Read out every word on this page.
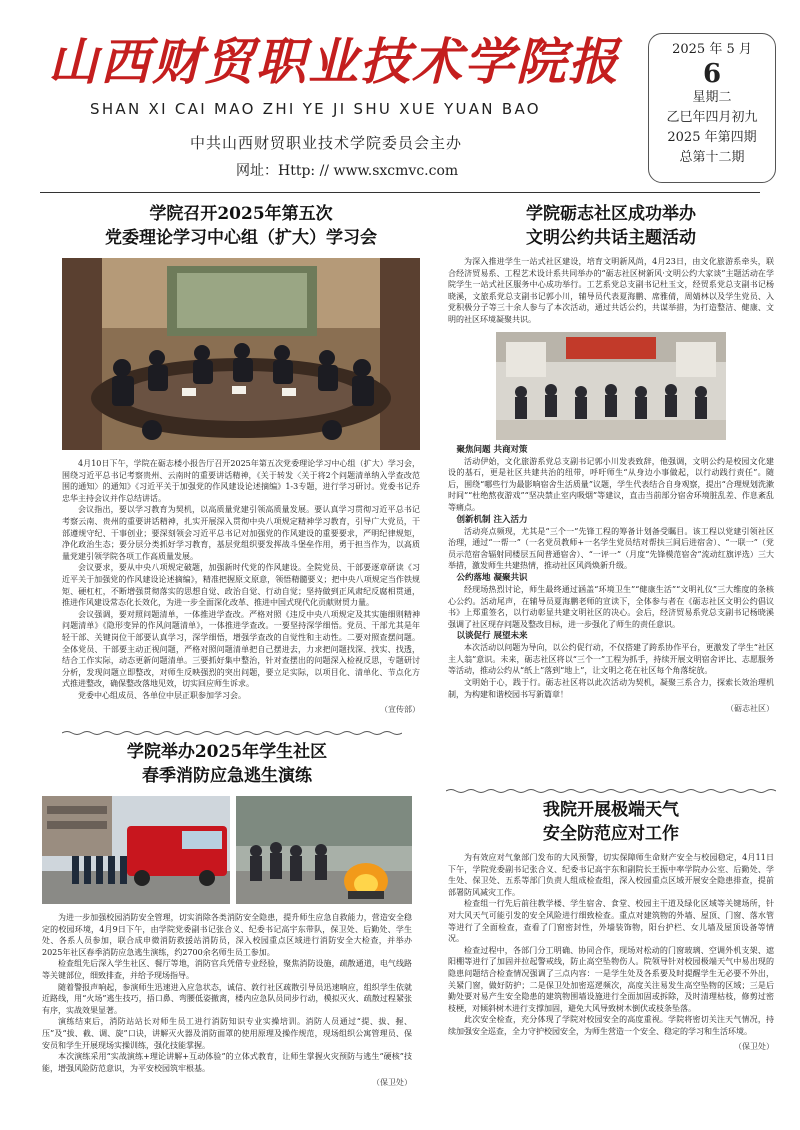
山西财贸职业技术学院报
SHAN XI CAI MAO ZHI YE JI SHU XUE YUAN BAO
中共山西财贸职业技术学院委员会主办
网址：Http: // www.sxcmvc.com
2025 年 5 月
6
星期二
乙巳年四月初九
2025 年第四期
总第十二期
学院召开2025年第五次
党委理论学习中心组（扩大）学习会

4月10日下午，学院在砺志楼小报告厅召开2025年第五次党委理论学习中心组（扩大）学习会，围绕习近平总书记考察贵州、云南时的重要讲话精神，《关于转发〈关于将2个问题清单纳入学查改范围的通知〉的通知》《习近平关于加强党的作风建设论述摘编》1-3专题，进行学习研讨。党委书记乔忠华主持会议并作总结讲话。

会议指出，要以学习教育为契机，以高质量党建引领高质量发展。要认真学习贯彻习近平总书记考察云南、贵州的重要讲话精神，扎实开展深入贯彻中央八项规定精神学习教育，引导广大党员，干部遵规守纪、干事创业；要深刻领会习近平总书记对加强党的作风建设的重要要求，严明纪律规矩，净化政治生态；要分层分类抓好学习教育，基层党组织要发挥战斗堡垒作用，勇于担当作为，以高质量党建引领学院各项工作高质量发展。

会议要求，要从中央八项规定破题，加强新时代党的作风建设。全院党员、干部要逐章研读《习近平关于加强党的作风建设论述摘编》，精准把握原文原意，领悟精髓要义；把中央八项规定当作铁规矩、硬杠杠，不断增强贯彻落实的思想自觉、政治自觉、行动自觉；坚持做到正风肃纪反腐相贯通，推进作风建设常态化长效化，为进一步全面深化改革、推进中国式现代化贡献财贸力量。

会议强调，要对照问题清单，一体推进学查改。严格对照《违反中央八项规定及其实施细则精神问题清单》《隐形变异的作风问题清单》，一体推进学查改。一要坚持深学细悟。党员、干部尤其是年轻干部、关键岗位干部要认真学习，深学细悟，增强学查改的自觉性和主动性。二要对照查摆问题。全体党员、干部要主动正视问题，严格对照问题清单把自己摆进去，力求把问题找深、找实、找透，结合工作实际，动态更新问题清单。三要抓好集中整治，针对查摆出的问题深入检视反思，专题研讨分析，发现问题立即整改，对师生反映强烈的突出问题，要立足实际，以项目化、清单化、节点化方式推进整改，确保整改落地见效，切实回应师生诉求。

党委中心组成员、各单位中层正职参加学习会。

（宣传部）
学院举办2025年学生社区
春季消防应急逃生演练

为进一步加强校园消防安全管理，切实消除各类消防安全隐患，提升师生应急自救能力，营造安全稳定的校园环境，4月9日下午，由学院党委副书记张合义、纪委书记高宇东带队，保卫处、后勤处、学生处、各系人员参加，联合成申微消防救援站消防员，深入校园重点区域进行消防安全大检查，并举办2025年社区春季消防应急逃生演练，约2700余名师生员工参加。

检查组先后深入学生社区、餐厅等地，消防官兵凭借专业经验，聚焦消防设施，疏散通道，电气线路等关键部位，细致排查，并给予现场指导。

随着警报声响起，参演师生迅速进入应急状态，诚信、敦行社区疏散引导员迅速响应，组织学生依就近路线，用“火场”逃生技巧，捂口鼻、弯腰低姿撤离，楼内应急队员同步行动，模拟灭火、疏散过程紧张有序，实战效果显著。

演练结束后，消防站站长对师生员工进行消防知识专业实操培训。消防人员通过“提、拔、握、压”及“拔、截、调、旋”口诀，讲解灭火器及消防面罩的使用原理及操作规范，现场组织公寓管理员、保安员和学生开展现场实操训练，强化技能掌握。

本次演练采用“实战演练+理论讲解+互动体验”的立体式教育，让师生掌握火灾预防与逃生“硬核”技能，增强风险防范意识，为平安校园筑牢根基。

（保卫处）
学院砺志社区成功举办
文明公约共话主题活动

为深入推进学生一站式社区建设，培育文明新风尚，4月23日，由文化旅游系牵头，联合经济贸易系、工程艺术设计系共同举办的“砺志社区树新风·文明公约大家谈”主题活动在学院学生一站式社区服务中心成功举行。工艺系党总支副书记杜玉文，经贸系党总支副书记杨晓溪，文旅系党总支副书记郭小川，辅导员代表夏海鹏、席雅倩，周婧林以及学生党员、入党积极分子等三十余人参与了本次活动，通过共话公约，共谋举措，为打造整洁、健康、文明的社区环境凝聚共识。

聚焦问题 共商对策

活动伊始，文化旅游系党总支副书记郭小川发表致辞，他强调，文明公约是校园文化建设的基石，更是社区共建共治的纽带，呼吁师生“从身边小事做起，以行动践行责任”。随后，围绕“哪些行为最影响宿舍生活质量”议题，学生代表结合自身观察，提出“合理规划洗漱时间”“杜绝熬夜游戏”“坚决禁止室内吸烟”等建议，直击当前部分宿舍环境脏乱差、作息紊乱等痛点。

创新机制 注入活力

活动亮点频现，尤其是“三个一”先锋工程的筹备计划备受瞩目。该工程以党建引领社区治理，通过“一帮一”（一名党员教师+一名学生党员结对帮扶三间后进宿舍）、“一联一”（党员示范宿舍辐射同楼层五间普通宿舍）、“一评一”（月度“先锋模范宿舍”流动红旗评选）三大举措，激发师生共建热情，推动社区风尚焕新升级。

公约落地 凝聚共识

经现场热烈讨论，师生最终通过涵盖“环境卫生”“健康生活”“文明礼仪”三大维度的条核心公约。活动尾声，在辅导员夏海鹏老师的宣读下，全体参与者在《砺志社区文明公约倡议书》上郑重签名，以行动彰显共建文明社区的决心。会后，经济贸易系党总支副书记杨晓溪强调了社区现存问题及整改目标，进一步强化了师生的责任意识。

以谈促行 展望未来

本次活动以问题为导向，以公约促行动，不仅搭建了跨系协作平台，更激发了学生“社区主人翁”意识。未来，砺志社区将以“三个一”工程为抓手，持续开展文明宿舍评比、志愿服务等活动，推动公约从“纸上”落到“地上”，让文明之花在社区每个角落绽放。

文明始于心，践于行。砺志社区将以此次活动为契机，凝聚三系合力，探索长效治理机制，为构建和谐校园书写新篇章！

（砺志社区）
我院开展极端天气
安全防范应对工作

为有效应对气象部门发布的大风预警，切实保障师生命财产安全与校园稳定，4月11日下午，学院党委副书记张合义、纪委书记高宇东和副院长王振中率学院办公室、后勤处、学生处、保卫处、五系等部门负责人组成检查组，深入校园重点区域开展安全隐患排查，提前部署防风减灾工作。

检查组一行先后前往教学楼、学生宿舍、食堂、校园主干道及绿化区域等关键场所，针对大风天气可能引发的安全风险进行细致检查。重点对建筑物的外墙、屋顶、门窗、落水管等进行了全面检查，查看了门窗密封性，外墙装饰物，阳台护栏、女儿墙及屋顶设备等情况。

检查过程中，各部门分工明确、协同合作，现场对松动的门窗玻璃、空调外机支架、遮阳棚等进行了加固并拉起警戒线，防止高空坠物伤人。院领导针对校园极端天气中易出现的隐患问题结合检查情况强调了三点内容：一是学生处及各系要及时提醒学生无必要不外出，关紧门窗，做好防护；二是保卫处加密巡逻频次，高度关注易发生高空坠物的区域；三是后勤处要对易产生安全隐患的建筑物围墙设施进行全面加固或拆除，及时清理枯枝，修剪过密枝梗，对倾斜树木进行支撑加固，避免大风导致树木倒伏或枝条坠落。

此次安全检查，充分体现了学院对校园安全的高度重视。学院将密切关注天气情况，持续加强安全巡查，全力守护校园安全，为师生营造一个安全、稳定的学习和生活环境。

（保卫处）
